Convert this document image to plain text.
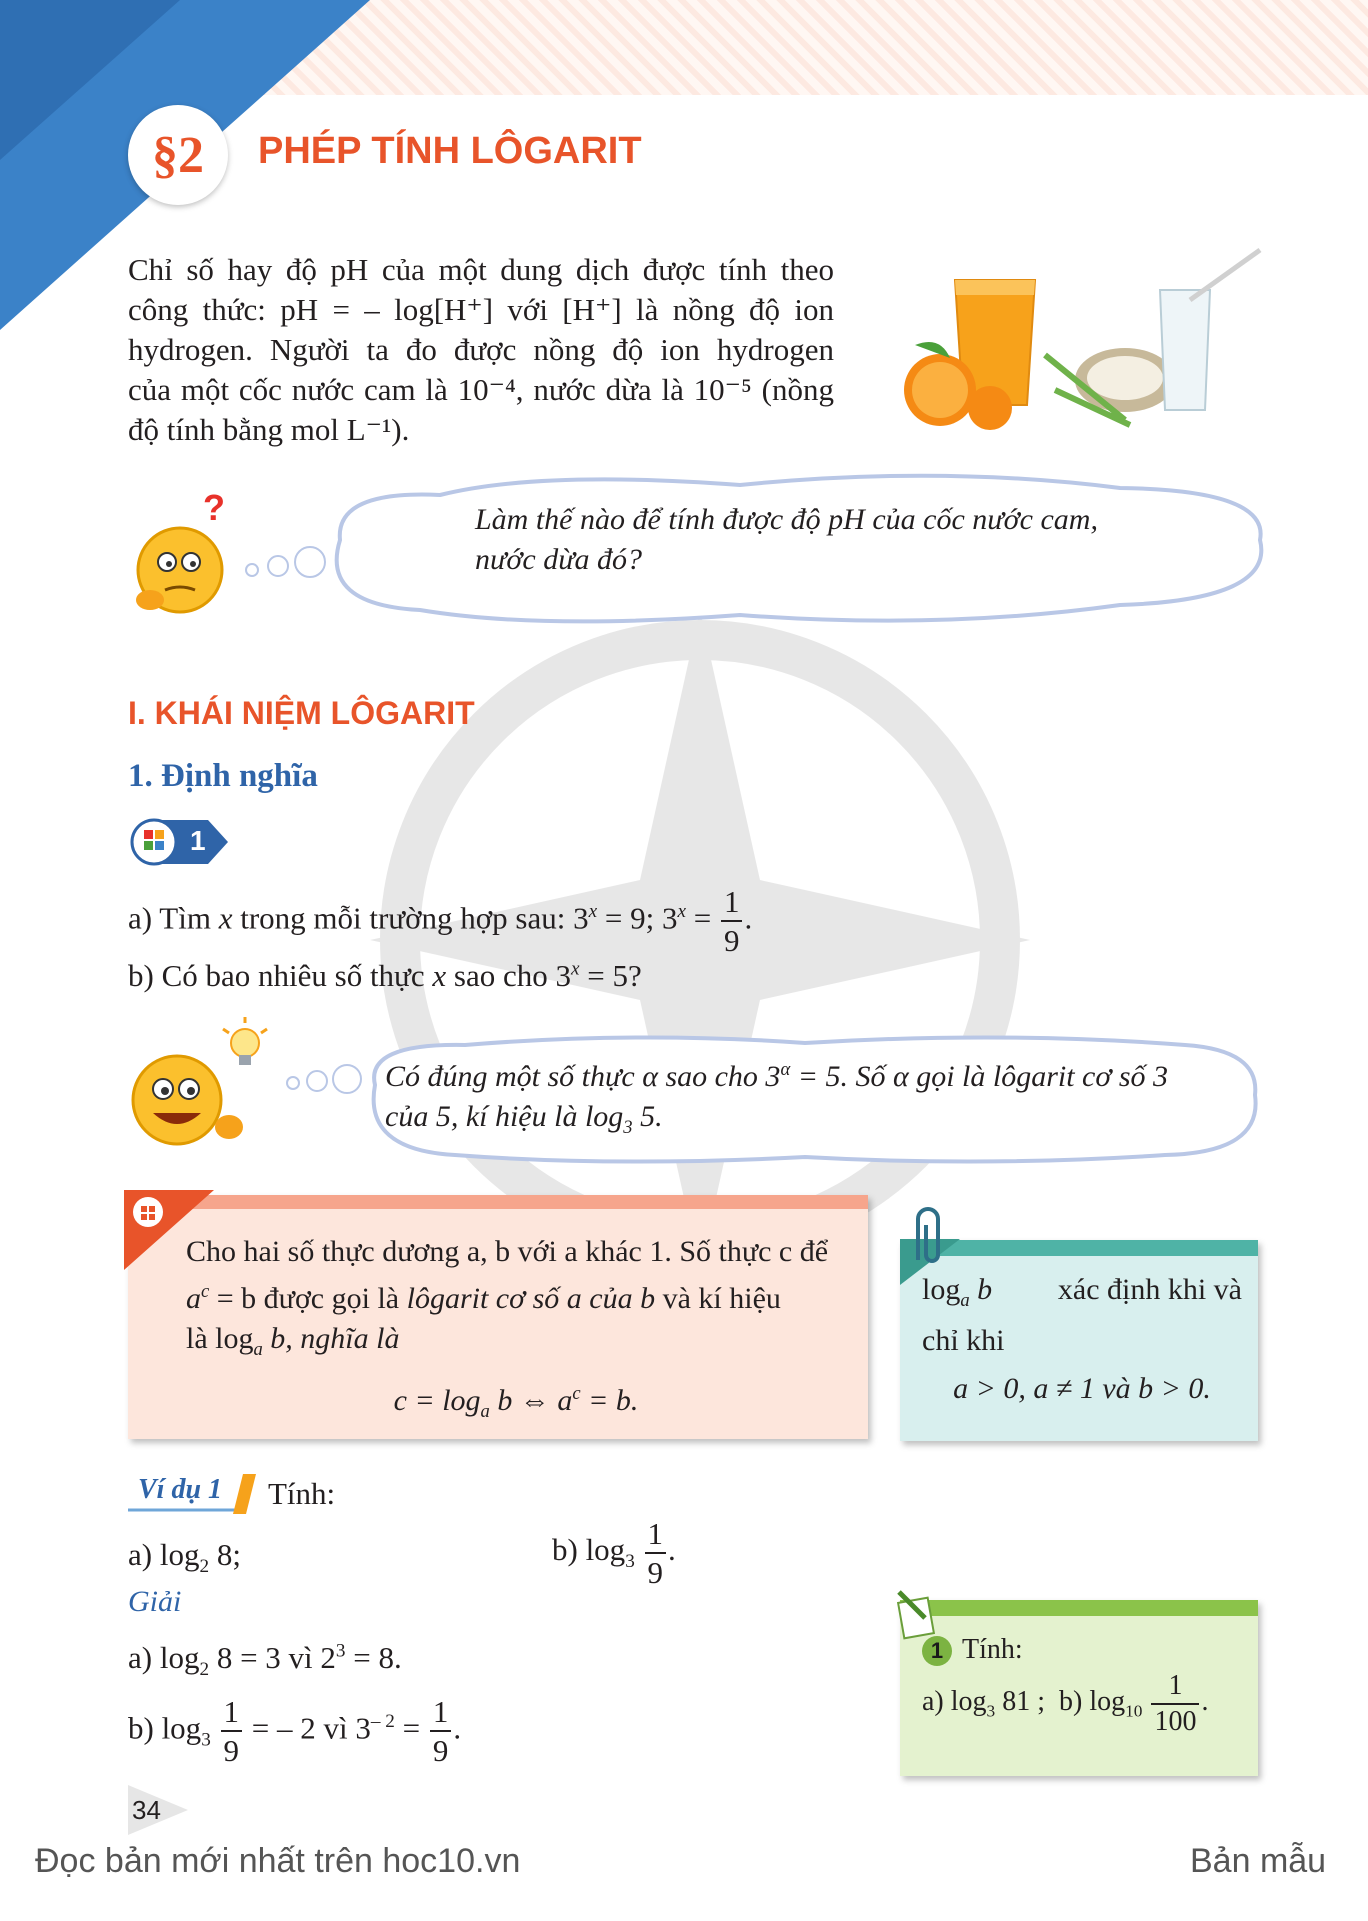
§2 PHÉP TÍNH LÔGARIT
Chỉ số hay độ pH của một dung dịch được tính theo
công thức: pH = – log[H⁺] với [H⁺] là nồng độ ion
hydrogen. Người ta đo được nồng độ ion hydrogen
của một cốc nước cam là 10⁻⁴, nước dừa là 10⁻⁵ (nồng
độ tính bằng mol L⁻¹).
?	Làm thế nào để tính được độ pH của cốc nước cam,
nước dừa đó?
I. KHÁI NIỆM LÔGARIT
1. Định nghĩa
1
a) Tìm x trong mỗi trường hợp sau: $3^x = 9$; $3^x = \frac{1}{9}$ .
b) Có bao nhiêu số thực x sao cho $3^x = 5$?
Có đúng một số thực α sao cho $3^\alpha = 5$. Số α gọi là lôgarit cơ số 3
của 5, kí hiệu là $\log_3 5$.
Cho hai số thực dương a, b với a khác 1. Số thực c để
$a^c = b$ được gọi là lôgarit cơ số a của b và kí hiệu
là $\log_a b$, nghĩa là
$c = \log_a b$ ⇔ $a^c = b$.
$\log_a b$ xác định khi và
chỉ khi
a > 0, a ≠ 1 và b > 0.
Ví dụ 1 Tính:
a) $\log_2 8$;	b) $\log_3 \frac{1}{9}$ .
Giải
a) $\log_2 8 = 3$ vì $2^3 = 8$.
b) $\log_3 \frac{1}{9}$ = – 2 vì $3^{- 2} = \frac{1}{9}$ .
1 Tính:
a) $\log_3 81$ ; b) $\log_{10} \frac{1}{100}$ .
34
Đọc bản mới nhất trên hoc10.vn	Bản mẫu
